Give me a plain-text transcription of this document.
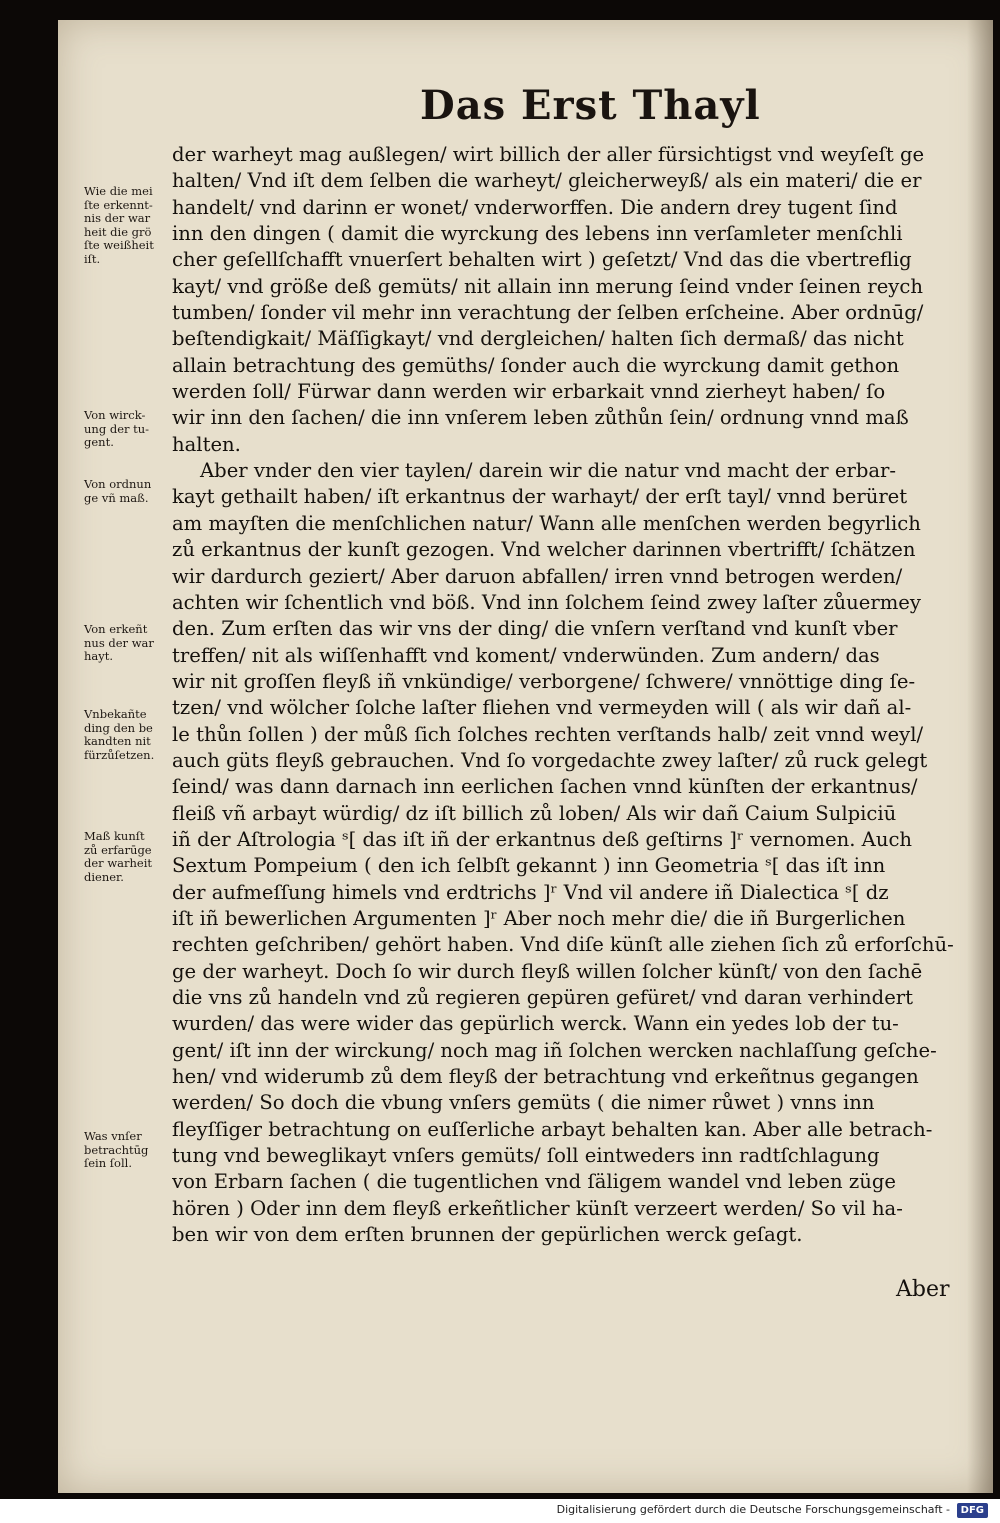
Das Erst Thayl
Wie die mei
ſte erkennt-
nis der war
heit die grö
ſte weißheit
iſt.
Von wirck-
ung der tu-
gent.
Von ordnun
ge vñ maß.
Von erkeñt
nus der war
hayt.
Vnbekañte
ding den be
kandten nit
fürzůſetzen.
Maß kunſt
zů erfarūge
der warheit
diener.
Was vnſer
betrachtūg
ſein ſoll.
der warheyt mag außlegen/ wirt billich der aller fürsichtigst vnd weyſeſt ge
halten/ Vnd iſt dem ſelben die warheyt/ gleicherweyß/ als ein materi/ die er
handelt/ vnd darinn er wonet/ vnderworffen. Die andern drey tugent ſind
inn den dingen ( damit die wyrckung des lebens inn verſamleter menſchli
cher geſellſchafft vnuerſert behalten wirt ) geſetzt/ Vnd das die vbertreflig
kayt/ vnd größe deß gemüts/ nit allain inn merung ſeind vnder ſeinen reych
tumben/ ſonder vil mehr inn verachtung der ſelben erſcheine. Aber ordnūg/
beſtendigkait/ Mäſſigkayt/ vnd dergleichen/ halten ſich dermaß/ das nicht
allain betrachtung des gemüths/ ſonder auch die wyrckung damit gethon
werden ſoll/ Fürwar dann werden wir erbarkait vnnd zierheyt haben/ ſo
wir inn den ſachen/ die inn vnſerem leben zůthůn ſein/ ordnung vnnd maß
halten.
Aber vnder den vier taylen/ darein wir die natur vnd macht der erbar-
kayt gethailt haben/ iſt erkantnus der warhayt/ der erſt tayl/ vnnd berüret
am mayſten die menſchlichen natur/ Wann alle menſchen werden begyrlich
zů erkantnus der kunſt gezogen. Vnd welcher darinnen vbertrifft/ ſchätzen
wir dardurch geziert/ Aber daruon abfallen/ irren vnnd betrogen werden/
achten wir ſchentlich vnd böß. Vnd inn ſolchem ſeind zwey laſter zůuermey
den. Zum erſten das wir vns der ding/ die vnſern verſtand vnd kunſt vber
treffen/ nit als wiſſenhafft vnd koment/ vnderwünden. Zum andern/ das
wir nit groſſen fleyß iñ vnkündige/ verborgene/ ſchwere/ vnnöttige ding ſe-
tzen/ vnd wölcher ſolche laſter fliehen vnd vermeyden will ( als wir dañ al-
le thůn ſollen ) der můß ſich ſolches rechten verſtands halb/ zeit vnnd weyl/
auch güts fleyß gebrauchen. Vnd ſo vorgedachte zwey laſter/ zů ruck gelegt
ſeind/ was dann darnach inn eerlichen ſachen vnnd künſten der erkantnus/
fleiß vñ arbayt würdig/ dz iſt billich zů loben/ Als wir dañ Caium Sulpiciū
iñ der Aſtrologia ˢ[ das iſt iñ der erkantnus deß geſtirns ]ʳ vernomen. Auch
Sextum Pompeium ( den ich ſelbſt gekannt ) inn Geometria ˢ[ das iſt inn
der aufmeſſung himels vnd erdtrichs ]ʳ Vnd vil andere iñ Dialectica ˢ[ dz
iſt iñ bewerlichen Argumenten ]ʳ Aber noch mehr die/ die iñ Burgerlichen
rechten geſchriben/ gehört haben. Vnd diſe künſt alle ziehen ſich zů erforſchū-
ge der warheyt. Doch ſo wir durch fleyß willen ſolcher künſt/ von den ſachē
die vns zů handeln vnd zů regieren gepüren gefüret/ vnd daran verhindert
wurden/ das were wider das gepürlich werck. Wann ein yedes lob der tu-
gent/ iſt inn der wirckung/ noch mag iñ ſolchen wercken nachlaſſung geſche-
hen/ vnd widerumb zů dem fleyß der betrachtung vnd erkeñtnus gegangen
werden/ So doch die vbung vnſers gemüts ( die nimer růwet ) vnns inn
fleyſſiger betrachtung on euſſerliche arbayt behalten kan. Aber alle betrach-
tung vnd beweglikayt vnſers gemüts/ ſoll eintweders inn radtſchlagung
von Erbarn ſachen ( die tugentlichen vnd ſäligem wandel vnd leben züge
hören ) Oder inn dem fleyß erkeñtlicher künſt verzeert werden/ So vil ha-
ben wir von dem erſten brunnen der gepürlichen werck geſagt.
Aber
Digitalisierung gefördert durch die Deutsche Forschungsgemeinschaft -	DFG
